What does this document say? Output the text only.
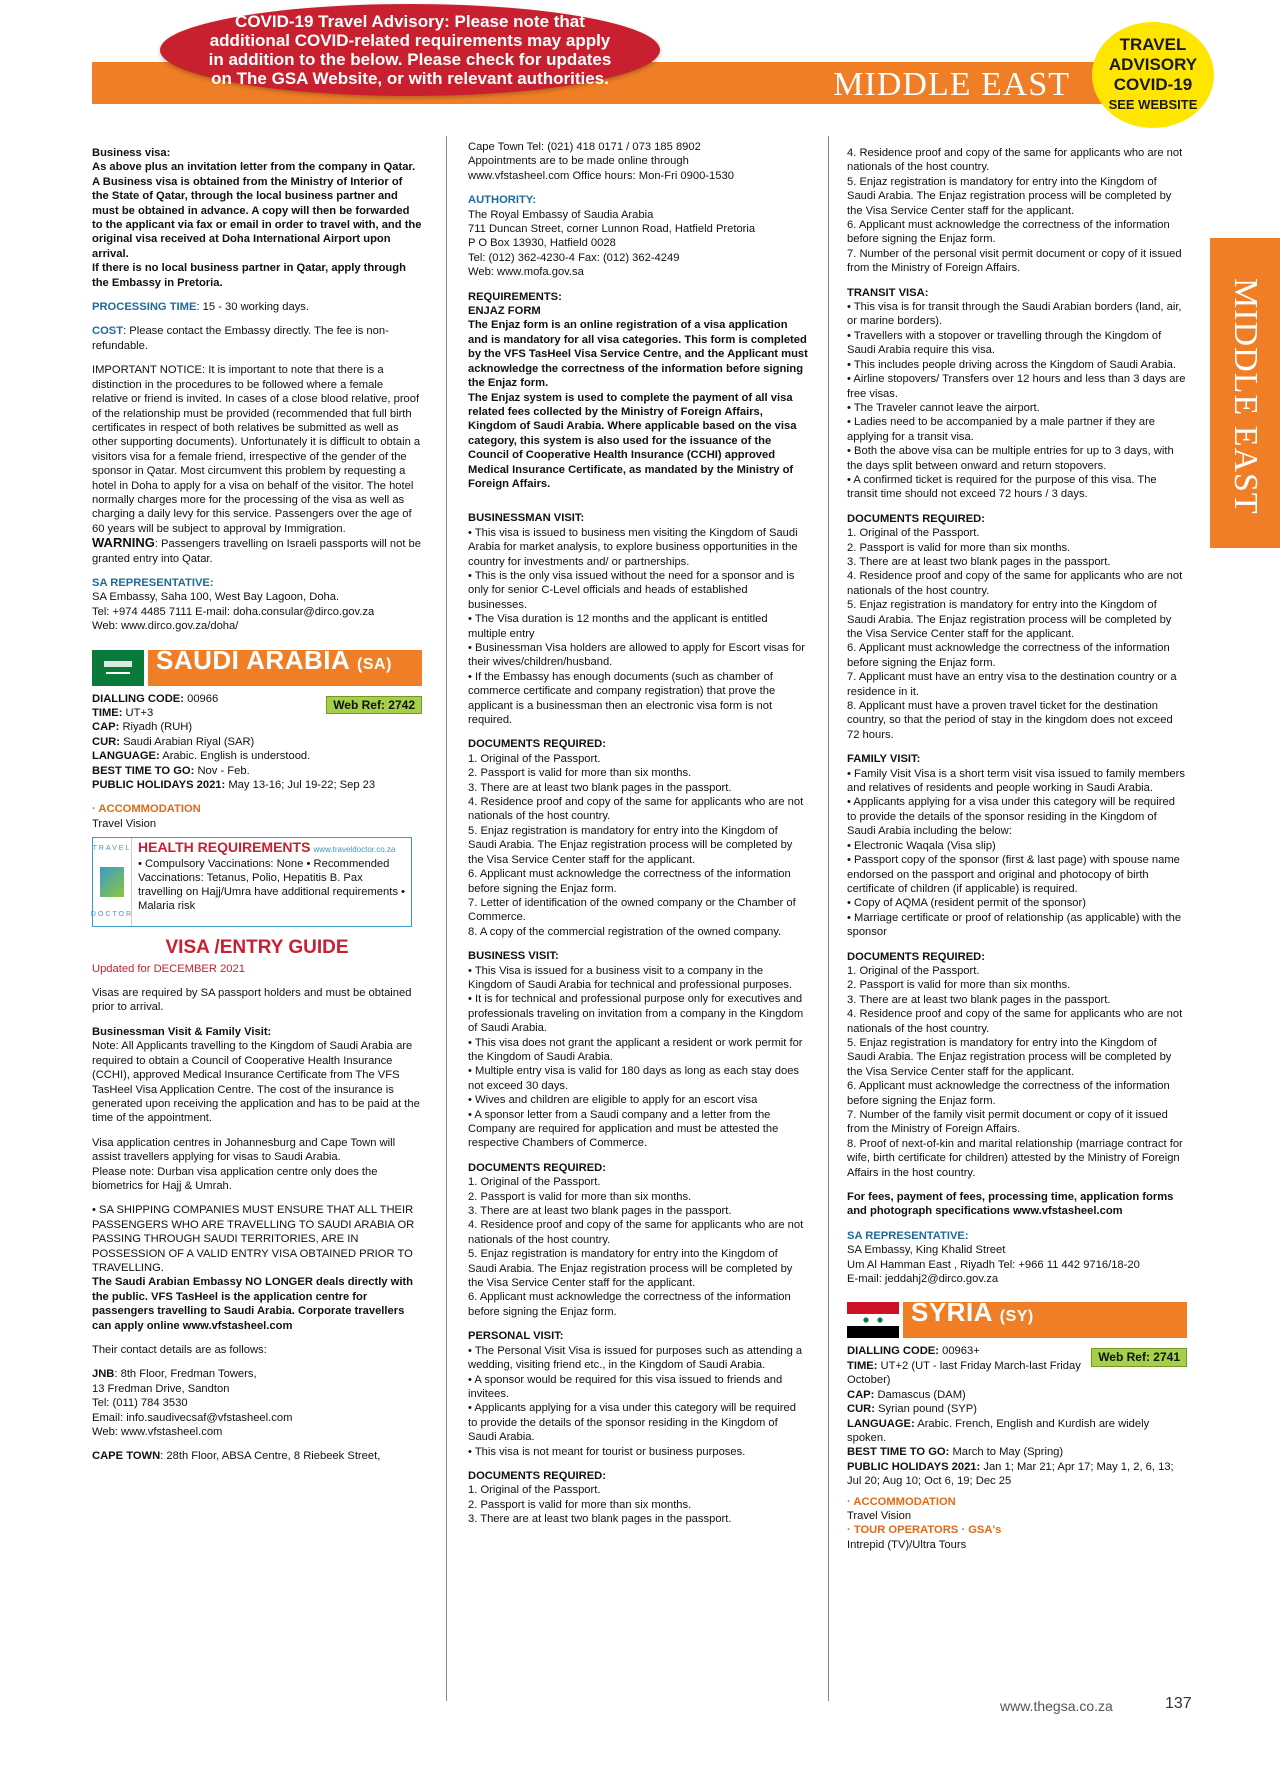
MIDDLE EAST
COVID-19 Travel Advisory: Please note that
additional COVID-related requirements may apply
in addition to the below. Please check for updates
on The GSA Website, or with relevant authorities.
TRAVEL
ADVISORY
COVID-19
SEE WEBSITE
MIDDLE EAST

Business visa:

As above plus an invitation letter from the company in Qatar.

A Business visa is obtained from the Ministry of Interior of the State of Qatar, through the local business partner and must be obtained in advance. A copy will then be forwarded to the applicant via fax or email in order to travel with, and the original visa received at Doha International Airport upon arrival.

If there is no local business partner in Qatar, apply through the Embassy in Pretoria.

PROCESSING TIME: 15 - 30 working days.

COST: Please contact the Embassy directly. The fee is non-refundable.

IMPORTANT NOTICE: It is important to note that there is a distinction in the procedures to be followed where a female relative or friend is invited. In cases of a close blood relative, proof of the relationship must be provided (recommended that full birth certificates in respect of both relatives be submitted as well as other supporting documents). Unfortunately it is difficult to obtain a visitors visa for a female friend, irrespective of the gender of the sponsor in Qatar. Most circumvent this problem by requesting a hotel in Doha to apply for a visa on behalf of the visitor. The hotel normally charges more for the processing of the visa as well as charging a daily levy for this service. Passengers over the age of 60 years will be subject to approval by Immigration.

WARNING: Passengers travelling on Israeli passports will not be granted entry into Qatar.

SA REPRESENTATIVE:

SA Embassy, Saha 100, West Bay Lagoon, Doha.

Tel: +974 4485 7111 E-mail: doha.consular@dirco.gov.za

Web: www.dirco.gov.za/doha/

SAUDI ARABIA (SA)
Web Ref: 2742

DIALLING CODE: 00966

TIME: UT+3

CAP: Riyadh (RUH)

CUR: Saudi Arabian Riyal (SAR)

LANGUAGE: Arabic. English is understood.

BEST TIME TO GO: Nov - Feb.

PUBLIC HOLIDAYS 2021: May 13-16; Jul 19-22; Sep 23

· ACCOMMODATION

Travel Vision

TRAVEL
DOCTOR
HEALTH REQUIREMENTS www.traveldoctor.co.za
• Compulsory Vaccinations: None • Recommended Vaccinations: Tetanus, Polio, Hepatitis B. Pax travelling on Hajj/Umra have additional requirements • Malaria risk
VISA /ENTRY GUIDE

Updated for DECEMBER 2021

Visas are required by SA passport holders and must be obtained prior to arrival.

Businessman Visit & Family Visit:

Note: All Applicants travelling to the Kingdom of Saudi Arabia are required to obtain a Council of Cooperative Health Insurance (CCHI), approved Medical Insurance Certificate from The VFS TasHeel Visa Application Centre. The cost of the insurance is generated upon receiving the application and has to be paid at the time of the appointment.

Visa application centres in Johannesburg and Cape Town will assist travellers applying for visas to Saudi Arabia.

Please note: Durban visa application centre only does the biometrics for Hajj & Umrah.

• SA SHIPPING COMPANIES MUST ENSURE THAT ALL THEIR PASSENGERS WHO ARE TRAVELLING TO SAUDI ARABIA OR PASSING THROUGH SAUDI TERRITORIES, ARE IN POSSESSION OF A VALID ENTRY VISA OBTAINED PRIOR TO TRAVELLING.

The Saudi Arabian Embassy NO LONGER deals directly with the public. VFS TasHeel is the application centre for passengers travelling to Saudi Arabia. Corporate travellers can apply online www.vfstasheel.com

Their contact details are as follows:

JNB: 8th Floor, Fredman Towers,

13 Fredman Drive, Sandton

Tel: (011) 784 3530

Email: info.saudivecsaf@vfstasheel.com

Web: www.vfstasheel.com

CAPE TOWN: 28th Floor, ABSA Centre, 8 Riebeek Street,

Cape Town Tel: (021) 418 0171 / 073 185 8902

Appointments are to be made online through

www.vfstasheel.com Office hours: Mon-Fri 0900-1530

AUTHORITY:

The Royal Embassy of Saudia Arabia

711 Duncan Street, corner Lunnon Road, Hatfield Pretoria

P O Box 13930, Hatfield 0028

Tel: (012) 362-4230-4 Fax: (012) 362-4249

Web: www.mofa.gov.sa

REQUIREMENTS:

ENJAZ FORM

The Enjaz form is an online registration of a visa application and is mandatory for all visa categories. This form is completed by the VFS TasHeel Visa Service Centre, and the Applicant must acknowledge the correctness of the information before signing the Enjaz form.

The Enjaz system is used to complete the payment of all visa related fees collected by the Ministry of Foreign Affairs, Kingdom of Saudi Arabia. Where applicable based on the visa category, this system is also used for the issuance of the Council of Cooperative Health Insurance (CCHI) approved Medical Insurance Certificate, as mandated by the Ministry of Foreign Affairs.

BUSINESSMAN VISIT:

• This visa is issued to business men visiting the Kingdom of Saudi Arabia for market analysis, to explore business opportunities in the country for investments and/ or partnerships.

• This is the only visa issued without the need for a sponsor and is only for senior C-Level officials and heads of established businesses.

• The Visa duration is 12 months and the applicant is entitled multiple entry

• Businessman Visa holders are allowed to apply for Escort visas for their wives/children/husband.

• If the Embassy has enough documents (such as chamber of commerce certificate and company registration) that prove the applicant is a businessman then an electronic visa form is not required.

DOCUMENTS REQUIRED:

1. Original of the Passport.

2. Passport is valid for more than six months.

3. There are at least two blank pages in the passport.

4. Residence proof and copy of the same for applicants who are not nationals of the host country.

5. Enjaz registration is mandatory for entry into the Kingdom of Saudi Arabia. The Enjaz registration process will be completed by the Visa Service Center staff for the applicant.

6. Applicant must acknowledge the correctness of the information before signing the Enjaz form.

7. Letter of identification of the owned company or the Chamber of Commerce.

8. A copy of the commercial registration of the owned company.

BUSINESS VISIT:

• This Visa is issued for a business visit to a company in the Kingdom of Saudi Arabia for technical and professional purposes.

• It is for technical and professional purpose only for executives and professionals traveling on invitation from a company in the Kingdom of Saudi Arabia.

• This visa does not grant the applicant a resident or work permit for the Kingdom of Saudi Arabia.

• Multiple entry visa is valid for 180 days as long as each stay does not exceed 30 days.

• Wives and children are eligible to apply for an escort visa

• A sponsor letter from a Saudi company and a letter from the Company are required for application and must be attested the respective Chambers of Commerce.

DOCUMENTS REQUIRED:

1. Original of the Passport.

2. Passport is valid for more than six months.

3. There are at least two blank pages in the passport.

4. Residence proof and copy of the same for applicants who are not nationals of the host country.

5. Enjaz registration is mandatory for entry into the Kingdom of Saudi Arabia. The Enjaz registration process will be completed by the Visa Service Center staff for the applicant.

6. Applicant must acknowledge the correctness of the information before signing the Enjaz form.

PERSONAL VISIT:

• The Personal Visit Visa is issued for purposes such as attending a wedding, visiting friend etc., in the Kingdom of Saudi Arabia.

• A sponsor would be required for this visa issued to friends and invitees.

• Applicants applying for a visa under this category will be required to provide the details of the sponsor residing in the Kingdom of Saudi Arabia.

• This visa is not meant for tourist or business purposes.

DOCUMENTS REQUIRED:

1. Original of the Passport.

2. Passport is valid for more than six months.

3. There are at least two blank pages in the passport.

4. Residence proof and copy of the same for applicants who are not nationals of the host country.

5. Enjaz registration is mandatory for entry into the Kingdom of Saudi Arabia. The Enjaz registration process will be completed by the Visa Service Center staff for the applicant.

6. Applicant must acknowledge the correctness of the information before signing the Enjaz form.

7. Number of the personal visit permit document or copy of it issued from the Ministry of Foreign Affairs.

TRANSIT VISA:

• This visa is for transit through the Saudi Arabian borders (land, air, or marine borders).

• Travellers with a stopover or travelling through the Kingdom of Saudi Arabia require this visa.

• This includes people driving across the Kingdom of Saudi Arabia.

• Airline stopovers/ Transfers over 12 hours and less than 3 days are free visas.

• The Traveler cannot leave the airport.

• Ladies need to be accompanied by a male partner if they are applying for a transit visa.

• Both the above visa can be multiple entries for up to 3 days, with the days split between onward and return stopovers.

• A confirmed ticket is required for the purpose of this visa. The transit time should not exceed 72 hours / 3 days.

DOCUMENTS REQUIRED:

1. Original of the Passport.

2. Passport is valid for more than six months.

3. There are at least two blank pages in the passport.

4. Residence proof and copy of the same for applicants who are not nationals of the host country.

5. Enjaz registration is mandatory for entry into the Kingdom of Saudi Arabia. The Enjaz registration process will be completed by the Visa Service Center staff for the applicant.

6. Applicant must acknowledge the correctness of the information before signing the Enjaz form.

7. Applicant must have an entry visa to the destination country or a residence in it.

8. Applicant must have a proven travel ticket for the destination country, so that the period of stay in the kingdom does not exceed 72 hours.

FAMILY VISIT:

• Family Visit Visa is a short term visit visa issued to family members and relatives of residents and people working in Saudi Arabia.

• Applicants applying for a visa under this category will be required to provide the details of the sponsor residing in the Kingdom of Saudi Arabia including the below:

• Electronic Waqala (Visa slip)

• Passport copy of the sponsor (first & last page) with spouse name endorsed on the passport and original and photocopy of birth certificate of children (if applicable) is required.

• Copy of AQMA (resident permit of the sponsor)

• Marriage certificate or proof of relationship (as applicable) with the sponsor

DOCUMENTS REQUIRED:

1. Original of the Passport.

2. Passport is valid for more than six months.

3. There are at least two blank pages in the passport.

4. Residence proof and copy of the same for applicants who are not nationals of the host country.

5. Enjaz registration is mandatory for entry into the Kingdom of Saudi Arabia. The Enjaz registration process will be completed by the Visa Service Center staff for the applicant.

6. Applicant must acknowledge the correctness of the information before signing the Enjaz form.

7. Number of the family visit permit document or copy of it issued from the Ministry of Foreign Affairs.

8. Proof of next-of-kin and marital relationship (marriage contract for wife, birth certificate for children) attested by the Ministry of Foreign Affairs in the host country.

For fees, payment of fees, processing time, application forms and photograph specifications www.vfstasheel.com

SA REPRESENTATIVE:

SA Embassy, King Khalid Street

Um Al Hamman East , Riyadh Tel: +966 11 442 9716/18-20

E-mail: jeddahj2@dirco.gov.za

SYRIA (SY)
Web Ref: 2741

DIALLING CODE: 00963+

TIME: UT+2 (UT - last Friday March-last Friday October)

CAP: Damascus (DAM)

CUR: Syrian pound (SYP)

LANGUAGE: Arabic. French, English and Kurdish are widely spoken.

BEST TIME TO GO: March to May (Spring)

PUBLIC HOLIDAYS 2021: Jan 1; Mar 21; Apr 17; May 1, 2, 6, 13; Jul 20; Aug 10; Oct 6, 19; Dec 25

· ACCOMMODATION

Travel Vision

· TOUR OPERATORS · GSA's

Intrepid (TV)/Ultra Tours

www.thegsa.co.za	137
